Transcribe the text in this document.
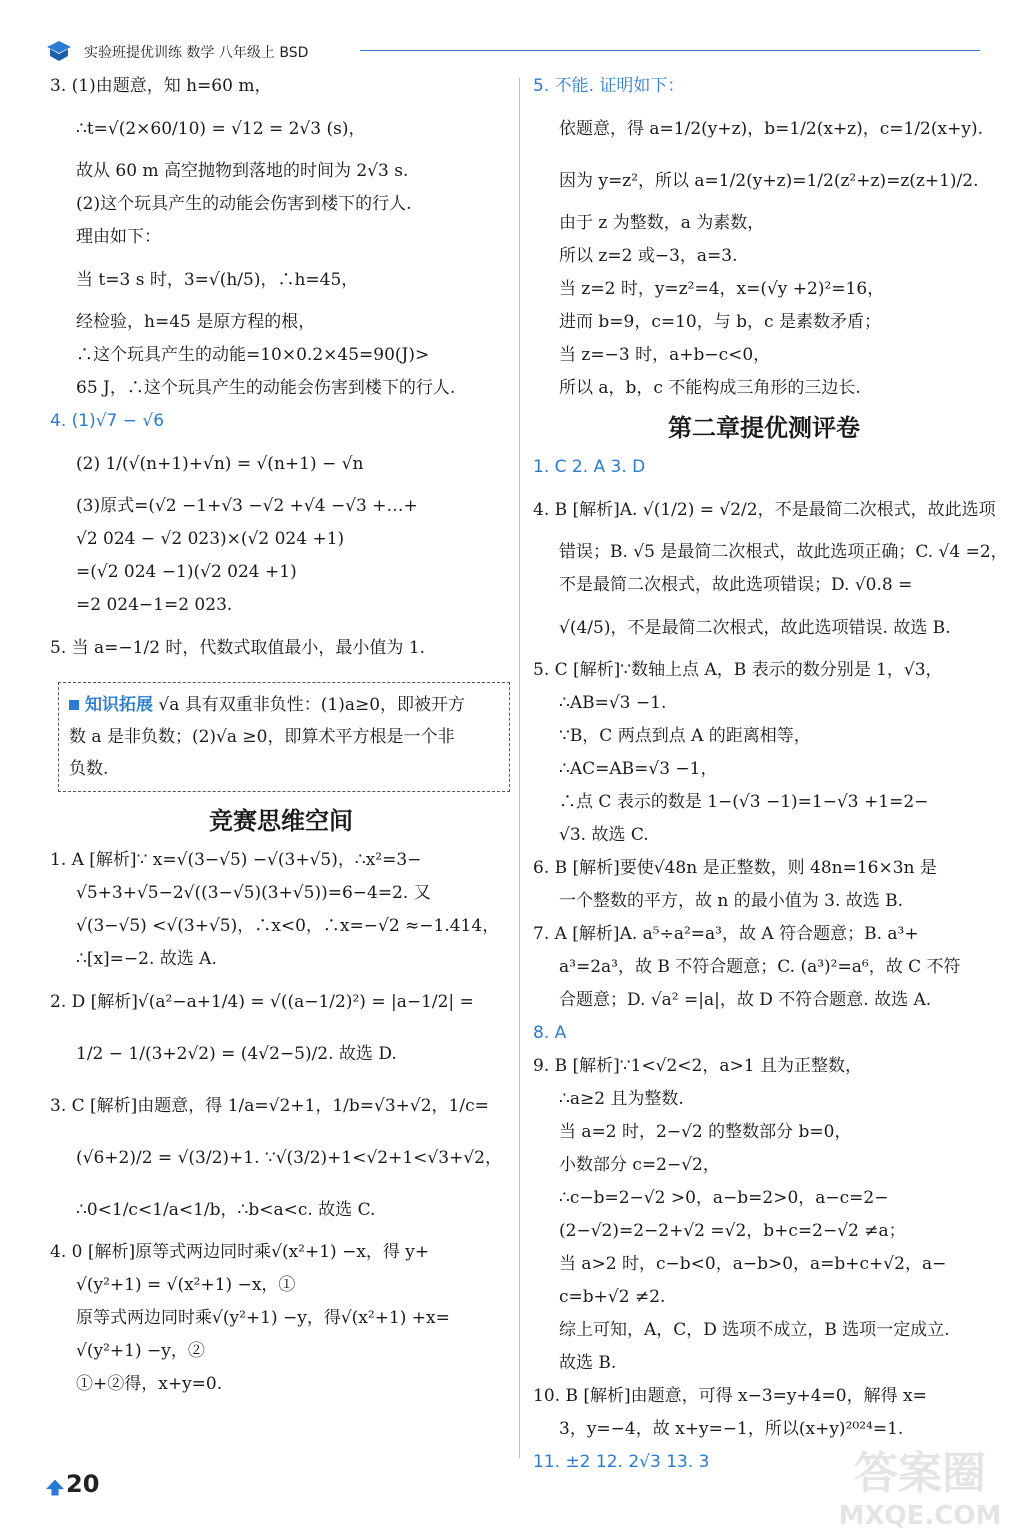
实验班提优训练 数学 八年级上 BSD
3. (1)由题意，知 h=60 m，
∴t=√(2×60/10) = √12 = 2√3 (s)，
故从 60 m 高空抛物到落地的时间为 2√3 s.
(2)这个玩具产生的动能会伤害到楼下的行人.
理由如下：
当 t=3 s 时，3=√(h/5)，∴h=45，
经检验，h=45 是原方程的根，
∴这个玩具产生的动能=10×0.2×45=90(J)>
65 J，∴这个玩具产生的动能会伤害到楼下的行人.
4. (1)√7 − √6
(2) 1/(√(n+1)+√n) = √(n+1) − √n
(3)原式=(√2 −1+√3 −√2 +√4 −√3 +…+
√2 024 − √2 023)×(√2 024 +1)
=(√2 024 −1)(√2 024 +1)
=2 024−1=2 023.
5. 当 a=−1/2 时，代数式取值最小，最小值为 1.
知识拓展 √a 具有双重非负性：(1)a≥0，即被开方
数 a 是非负数；(2)√a ≥0，即算术平方根是一个非
负数.
竞赛思维空间
1. A [解析]∵ x=√(3−√5) −√(3+√5)，∴x²=3−
√5+3+√5−2√((3−√5)(3+√5))=6−4=2. 又
√(3−√5) <√(3+√5)，∴x<0，∴x=−√2 ≈−1.414，
∴[x]=−2. 故选 A.
2. D [解析]√(a²−a+1/4) = √((a−1/2)²) = |a−1/2| =
1/2 − 1/(3+2√2) = (4√2−5)/2. 故选 D.
3. C [解析]由题意，得 1/a=√2+1，1/b=√3+√2，1/c=
(√6+2)/2 = √(3/2)+1. ∵√(3/2)+1<√2+1<√3+√2，
∴0<1/c<1/a<1/b，∴b<a<c. 故选 C.
4. 0 [解析]原等式两边同时乘√(x²+1) −x，得 y+
√(y²+1) = √(x²+1) −x，①
原等式两边同时乘√(y²+1) −y，得√(x²+1) +x=
√(y²+1) −y，②
①+②得，x+y=0.
5. 不能. 证明如下：
依题意，得 a=1/2(y+z)，b=1/2(x+z)，c=1/2(x+y).
因为 y=z²，所以 a=1/2(y+z)=1/2(z²+z)=z(z+1)/2.
由于 z 为整数，a 为素数，
所以 z=2 或−3，a=3.
当 z=2 时，y=z²=4，x=(√y +2)²=16，
进而 b=9，c=10，与 b，c 是素数矛盾；
当 z=−3 时，a+b−c<0，
所以 a，b，c 不能构成三角形的三边长.
第二章提优测评卷
1. C 2. A 3. D
4. B [解析]A. √(1/2) = √2/2，不是最简二次根式，故此选项
错误；B. √5 是最简二次根式，故此选项正确；C. √4 =2，
不是最简二次根式，故此选项错误；D. √0.8 =
√(4/5)，不是最简二次根式，故此选项错误. 故选 B.
5. C [解析]∵数轴上点 A，B 表示的数分别是 1，√3，
∴AB=√3 −1.
∵B，C 两点到点 A 的距离相等，
∴AC=AB=√3 −1，
∴点 C 表示的数是 1−(√3 −1)=1−√3 +1=2−
√3. 故选 C.
6. B [解析]要使√48n 是正整数，则 48n=16×3n 是
一个整数的平方，故 n 的最小值为 3. 故选 B.
7. A [解析]A. a⁵÷a²=a³，故 A 符合题意；B. a³+
a³=2a³，故 B 不符合题意；C. (a³)²=a⁶，故 C 不符
合题意；D. √a² =|a|，故 D 不符合题意. 故选 A.
8. A
9. B [解析]∵1<√2<2，a>1 且为正整数，
∴a≥2 且为整数.
当 a=2 时，2−√2 的整数部分 b=0，
小数部分 c=2−√2，
∴c−b=2−√2 >0，a−b=2>0，a−c=2−
(2−√2)=2−2+√2 =√2，b+c=2−√2 ≠a；
当 a>2 时，c−b<0，a−b>0，a=b+c+√2，a−
c=b+√2 ≠2.
综上可知，A，C，D 选项不成立，B 选项一定成立.
故选 B.
10. B [解析]由题意，可得 x−3=y+4=0，解得 x=
3，y=−4，故 x+y=−1，所以(x+y)²⁰²⁴=1.
11. ±2 12. 2√3 13. 3
20	答案圈
MXQE.COM
